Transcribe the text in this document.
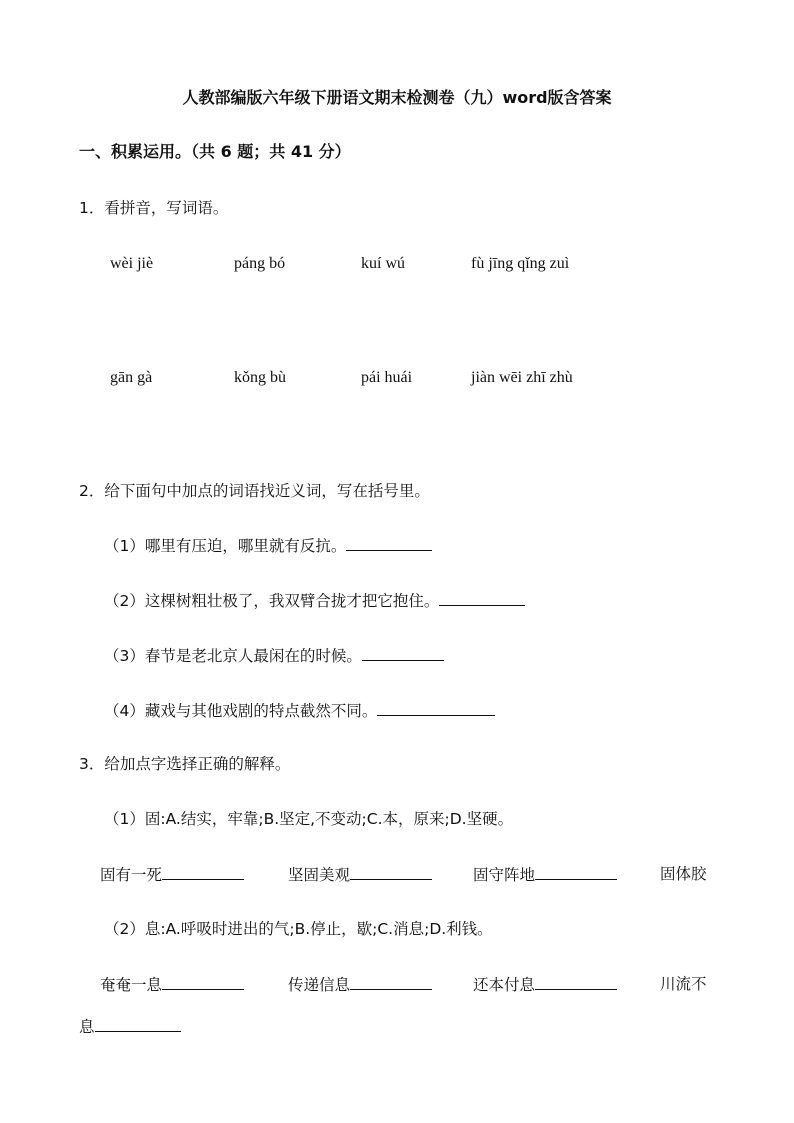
人教部编版六年级下册语文期末检测卷（九）word版含答案
一、积累运用。（共 6 题；共 41 分）
1．看拼音，写词语。
wèi jiè	páng bó	kuí wú	fù jīng qǐng zuì
gān gà	kǒng bù	pái huái	jiàn wēi zhī zhù
2．给下面句中加点的词语找近义词，写在括号里。
（1）哪里有压迫，哪里就有反抗。
（2）这棵树粗壮极了，我双臂合拢才把它抱住。
（3）春节是老北京人最闲在的时候。
（4）藏戏与其他戏剧的特点截然不同。
3．给加点字选择正确的解释。
（1）固:A.结实，牢靠;B.坚定,不变动;C.本，原来;D.坚硬。
固有一死	坚固美观	固守阵地	固体胶
（2）息:A.呼吸时进出的气;B.停止，歇;C.消息;D.利钱。
奄奄一息	传递信息	还本付息	川流不
息
